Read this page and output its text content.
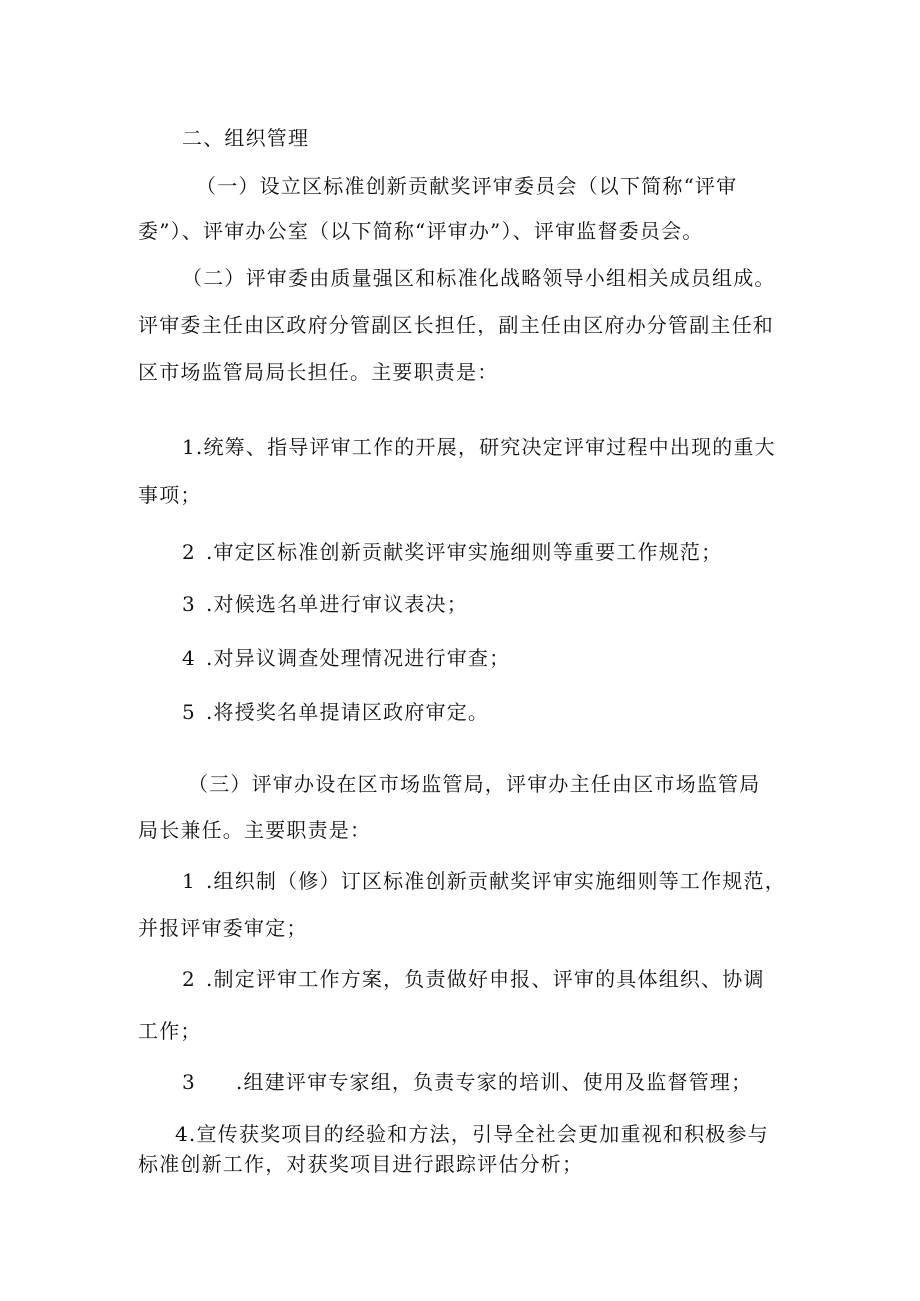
二、组织管理
（一）设立区标准创新贡献奖评审委员会（以下简称“评审
委”）、评审办公室（以下简称“评审办”）、评审监督委员会。
（二）评审委由质量强区和标准化战略领导小组相关成员组成。
评审委主任由区政府分管副区长担任，副主任由区府办分管副主任和
区市场监管局局长担任。主要职责是：
1.统筹、指导评审工作的开展，研究决定评审过程中出现的重大
事项；
2 .审定区标准创新贡献奖评审实施细则等重要工作规范；
3 .对候选名单进行审议表决；
4 .对异议调查处理情况进行审查；
5 .将授奖名单提请区政府审定。
（三）评审办设在区市场监管局，评审办主任由区市场监管局
局长兼任。主要职责是：
1 .组织制（修）订区标准创新贡献奖评审实施细则等工作规范，
并报评审委审定；
2 .制定评审工作方案，负责做好申报、评审的具体组织、协调
工作；
3 .组建评审专家组，负责专家的培训、使用及监督管理；
4.宣传获奖项目的经验和方法，引导全社会更加重视和积极参与
标准创新工作，对获奖项目进行跟踪评估分析；
